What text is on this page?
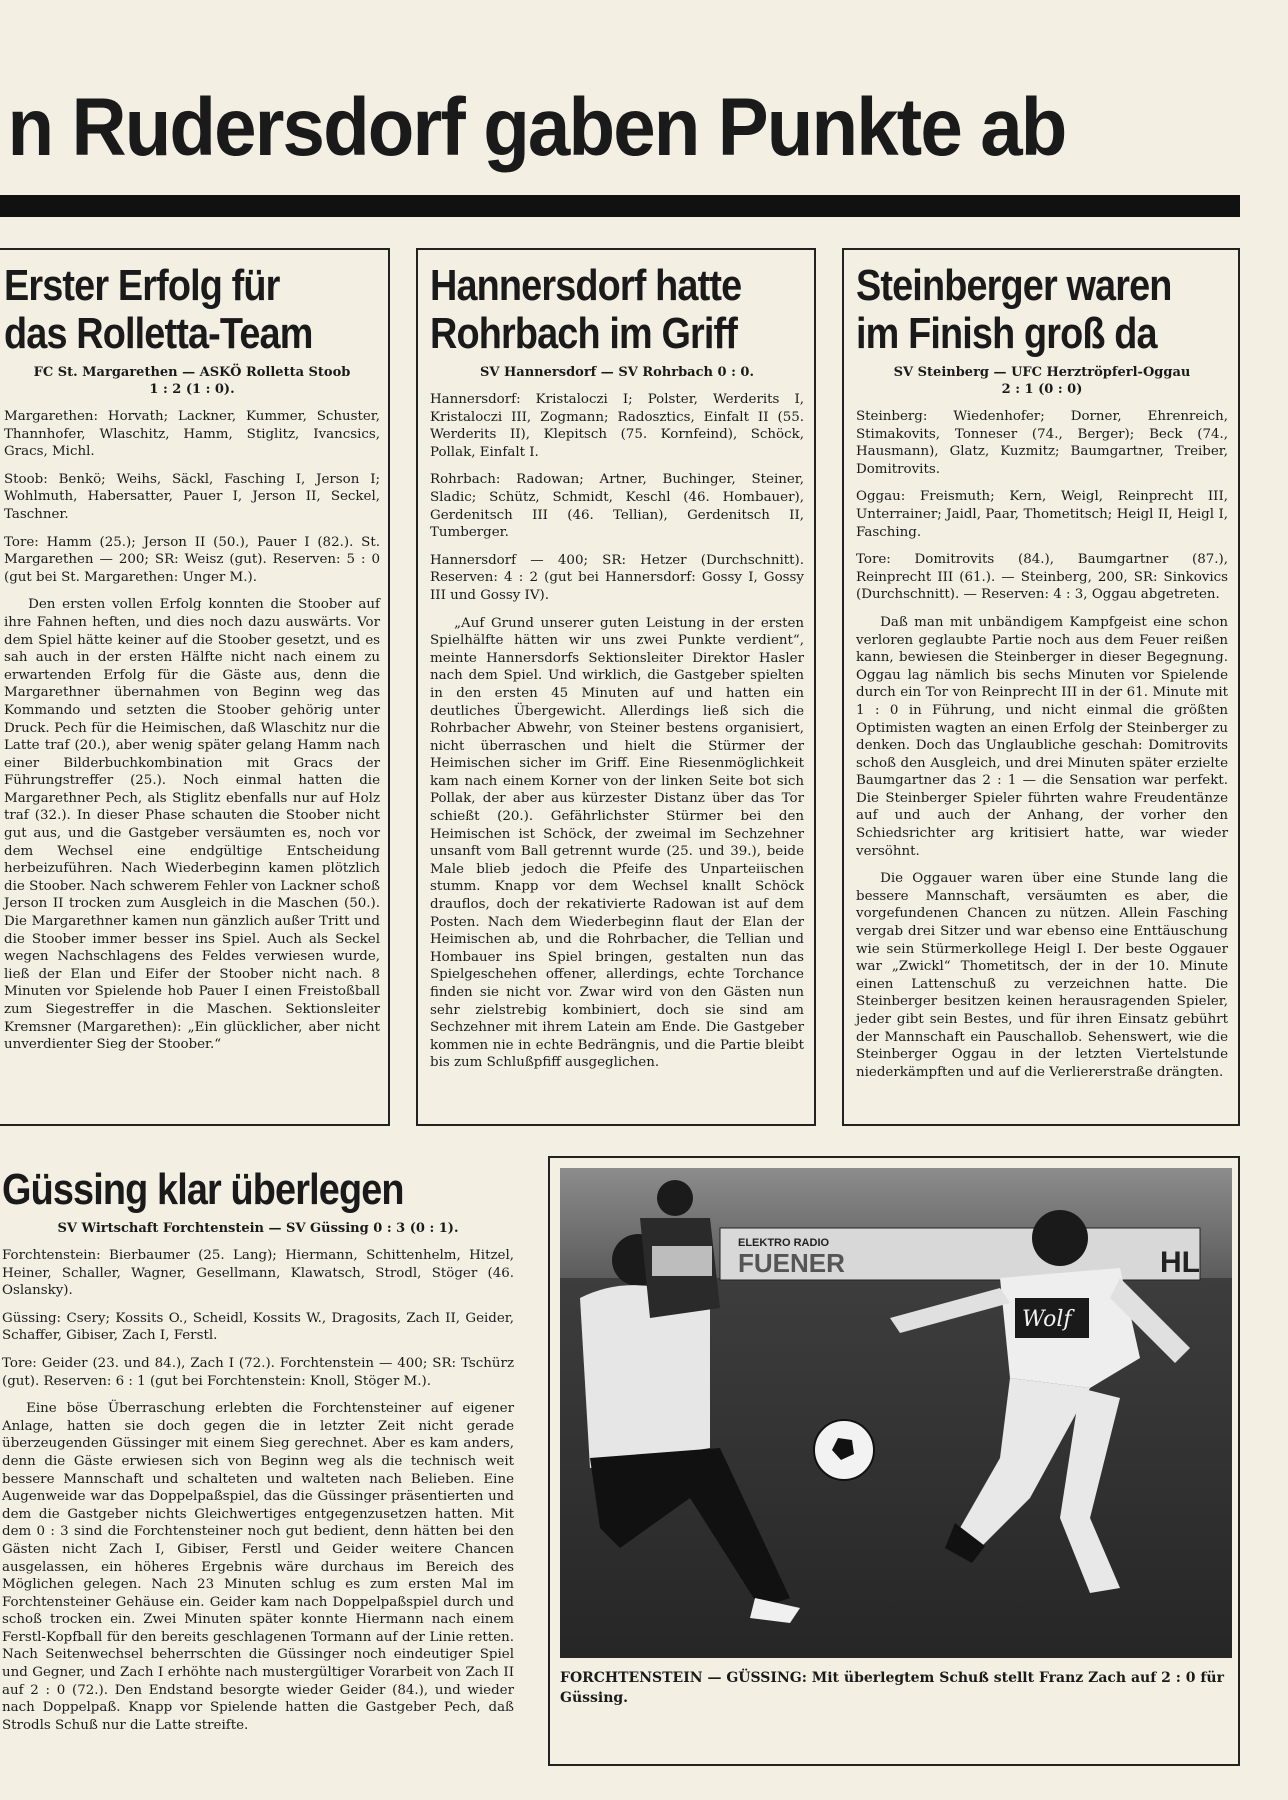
n Rudersdorf gaben Punkte ab
Erster Erfolg für
das Rolletta-Team
FC St. Margarethen — ASKÖ Rolletta Stoob
1 : 2 (1 : 0).

Margarethen: Horvath; Lackner, Kummer, Schuster, Thannhofer, Wlaschitz, Hamm, Stiglitz, Ivancsics, Gracs, Michl.

Stoob: Benkö; Weihs, Säckl, Fasching I, Jerson I; Wohlmuth, Habersatter, Pauer I, Jerson II, Seckel, Taschner.

Tore: Hamm (25.); Jerson II (50.), Pauer I (82.). St. Margarethen — 200; SR: Weisz (gut). Reserven: 5 : 0 (gut bei St. Margarethen: Unger M.).

Den ersten vollen Erfolg konnten die Stoober auf ihre Fahnen heften, und dies noch dazu auswärts. Vor dem Spiel hätte keiner auf die Stoober gesetzt, und es sah auch in der ersten Hälfte nicht nach einem zu erwartenden Erfolg für die Gäste aus, denn die Margarethner übernahmen von Beginn weg das Kommando und setzten die Stoober gehörig unter Druck. Pech für die Heimischen, daß Wlaschitz nur die Latte traf (20.), aber wenig später gelang Hamm nach einer Bilderbuchkombination mit Gracs der Führungstreffer (25.). Noch einmal hatten die Margarethner Pech, als Stiglitz ebenfalls nur auf Holz traf (32.). In dieser Phase schauten die Stoober nicht gut aus, und die Gastgeber versäumten es, noch vor dem Wechsel eine endgültige Entscheidung herbeizuführen. Nach Wiederbeginn kamen plötzlich die Stoober. Nach schwerem Fehler von Lackner schoß Jerson II trocken zum Ausgleich in die Maschen (50.). Die Margarethner kamen nun gänzlich außer Tritt und die Stoober immer besser ins Spiel. Auch als Seckel wegen Nachschlagens des Feldes verwiesen wurde, ließ der Elan und Eifer der Stoober nicht nach. 8 Minuten vor Spielende hob Pauer I einen Freistoßball zum Siegestreffer in die Maschen. Sektionsleiter Kremsner (Margarethen): „Ein glücklicher, aber nicht unverdienter Sieg der Stoober.“

Hannersdorf hatte
Rohrbach im Griff
SV Hannersdorf — SV Rohrbach 0 : 0.

Hannersdorf: Kristaloczi I; Polster, Werderits I, Kristaloczi III, Zogmann; Radosztics, Einfalt II (55. Werderits II), Klepitsch (75. Kornfeind), Schöck, Pollak, Einfalt I.

Rohrbach: Radowan; Artner, Buchinger, Steiner, Sladic; Schütz, Schmidt, Keschl (46. Hombauer), Gerdenitsch III (46. Tellian), Gerdenitsch II, Tumberger.

Hannersdorf — 400; SR: Hetzer (Durchschnitt). Reserven: 4 : 2 (gut bei Hannersdorf: Gossy I, Gossy III und Gossy IV).

„Auf Grund unserer guten Leistung in der ersten Spielhälfte hätten wir uns zwei Punkte verdient“, meinte Hannersdorfs Sektionsleiter Direktor Hasler nach dem Spiel. Und wirklich, die Gastgeber spielten in den ersten 45 Minuten auf und hatten ein deutliches Übergewicht. Allerdings ließ sich die Rohrbacher Abwehr, von Steiner bestens organisiert, nicht überraschen und hielt die Stürmer der Heimischen sicher im Griff. Eine Riesenmöglichkeit kam nach einem Korner von der linken Seite bot sich Pollak, der aber aus kürzester Distanz über das Tor schießt (20.). Gefährlichster Stürmer bei den Heimischen ist Schöck, der zweimal im Sechzehner unsanft vom Ball getrennt wurde (25. und 39.), beide Male blieb jedoch die Pfeife des Unparteiischen stumm. Knapp vor dem Wechsel knallt Schöck drauflos, doch der rekativierte Radowan ist auf dem Posten. Nach dem Wiederbeginn flaut der Elan der Heimischen ab, und die Rohrbacher, die Tellian und Hombauer ins Spiel bringen, gestalten nun das Spielgeschehen offener, allerdings, echte Torchance finden sie nicht vor. Zwar wird von den Gästen nun sehr zielstrebig kombiniert, doch sie sind am Sechzehner mit ihrem Latein am Ende. Die Gastgeber kommen nie in echte Bedrängnis, und die Partie bleibt bis zum Schlußpfiff ausgeglichen.

Steinberger waren
im Finish groß da
SV Steinberg — UFC Herztröpferl-Oggau
2 : 1 (0 : 0)

Steinberg: Wiedenhofer; Dorner, Ehrenreich, Stimakovits, Tonneser (74., Berger); Beck (74., Hausmann), Glatz, Kuzmitz; Baumgartner, Treiber, Domitrovits.

Oggau: Freismuth; Kern, Weigl, Reinprecht III, Unterrainer; Jaidl, Paar, Thometitsch; Heigl II, Heigl I, Fasching.

Tore: Domitrovits (84.), Baumgartner (87.), Reinprecht III (61.). — Steinberg, 200, SR: Sinkovics (Durchschnitt). — Reserven: 4 : 3, Oggau abgetreten.

Daß man mit unbändigem Kampfgeist eine schon verloren geglaubte Partie noch aus dem Feuer reißen kann, bewiesen die Steinberger in dieser Begegnung. Oggau lag nämlich bis sechs Minuten vor Spielende durch ein Tor von Reinprecht III in der 61. Minute mit 1 : 0 in Führung, und nicht einmal die größten Optimisten wagten an einen Erfolg der Steinberger zu denken. Doch das Unglaubliche geschah: Domitrovits schoß den Ausgleich, und drei Minuten später erzielte Baumgartner das 2 : 1 — die Sensation war perfekt. Die Steinberger Spieler führten wahre Freudentänze auf und auch der Anhang, der vorher den Schiedsrichter arg kritisiert hatte, war wieder versöhnt.

Die Oggauer waren über eine Stunde lang die bessere Mannschaft, versäumten es aber, die vorgefundenen Chancen zu nützen. Allein Fasching vergab drei Sitzer und war ebenso eine Enttäuschung wie sein Stürmerkollege Heigl I. Der beste Oggauer war „Zwickl“ Thometitsch, der in der 10. Minute einen Lattenschuß zu verzeichnen hatte. Die Steinberger besitzen keinen herausragenden Spieler, jeder gibt sein Bestes, und für ihren Einsatz gebührt der Mannschaft ein Pauschallob. Sehenswert, wie die Steinberger Oggau in der letzten Viertelstunde niederkämpften und auf die Verliererstraße drängten.

Güssing klar überlegen
SV Wirtschaft Forchtenstein — SV Güssing 0 : 3 (0 : 1).

Forchtenstein: Bierbaumer (25. Lang); Hiermann, Schittenhelm, Hitzel, Heiner, Schaller, Wagner, Gesellmann, Klawatsch, Strodl, Stöger (46. Oslansky).

Güssing: Csery; Kossits O., Scheidl, Kossits W., Dragosits, Zach II, Geider, Schaffer, Gibiser, Zach I, Ferstl.

Tore: Geider (23. und 84.), Zach I (72.). Forchtenstein — 400; SR: Tschürz (gut). Reserven: 6 : 1 (gut bei Forchtenstein: Knoll, Stöger M.).

Eine böse Überraschung erlebten die Forchtensteiner auf eigener Anlage, hatten sie doch gegen die in letzter Zeit nicht gerade überzeugenden Güssinger mit einem Sieg gerechnet. Aber es kam anders, denn die Gäste erwiesen sich von Beginn weg als die technisch weit bessere Mannschaft und schalteten und walteten nach Belieben. Eine Augenweide war das Doppelpaßspiel, das die Güssinger präsentierten und dem die Gastgeber nichts Gleichwertiges entgegenzusetzen hatten. Mit dem 0 : 3 sind die Forchtensteiner noch gut bedient, denn hätten bei den Gästen nicht Zach I, Gibiser, Ferstl und Geider weitere Chancen ausgelassen, ein höheres Ergebnis wäre durchaus im Bereich des Möglichen gelegen. Nach 23 Minuten schlug es zum ersten Mal im Forchtensteiner Gehäuse ein. Geider kam nach Doppelpaßspiel durch und schoß trocken ein. Zwei Minuten später konnte Hiermann nach einem Ferstl-Kopfball für den bereits geschlagenen Tormann auf der Linie retten. Nach Seitenwechsel beherrschten die Güssinger noch eindeutiger Spiel und Gegner, und Zach I erhöhte nach mustergültiger Vorarbeit von Zach II auf 2 : 0 (72.). Den Endstand besorgte wieder Geider (84.), und wieder nach Doppelpaß. Knapp vor Spielende hatten die Gastgeber Pech, daß Strodls Schuß nur die Latte streifte.

ELEKTRO RADIO
FUENER	HL
Wolf
FORCHTENSTEIN — GÜSSING: Mit überlegtem Schuß stellt Franz Zach auf 2 : 0 für Güssing.
